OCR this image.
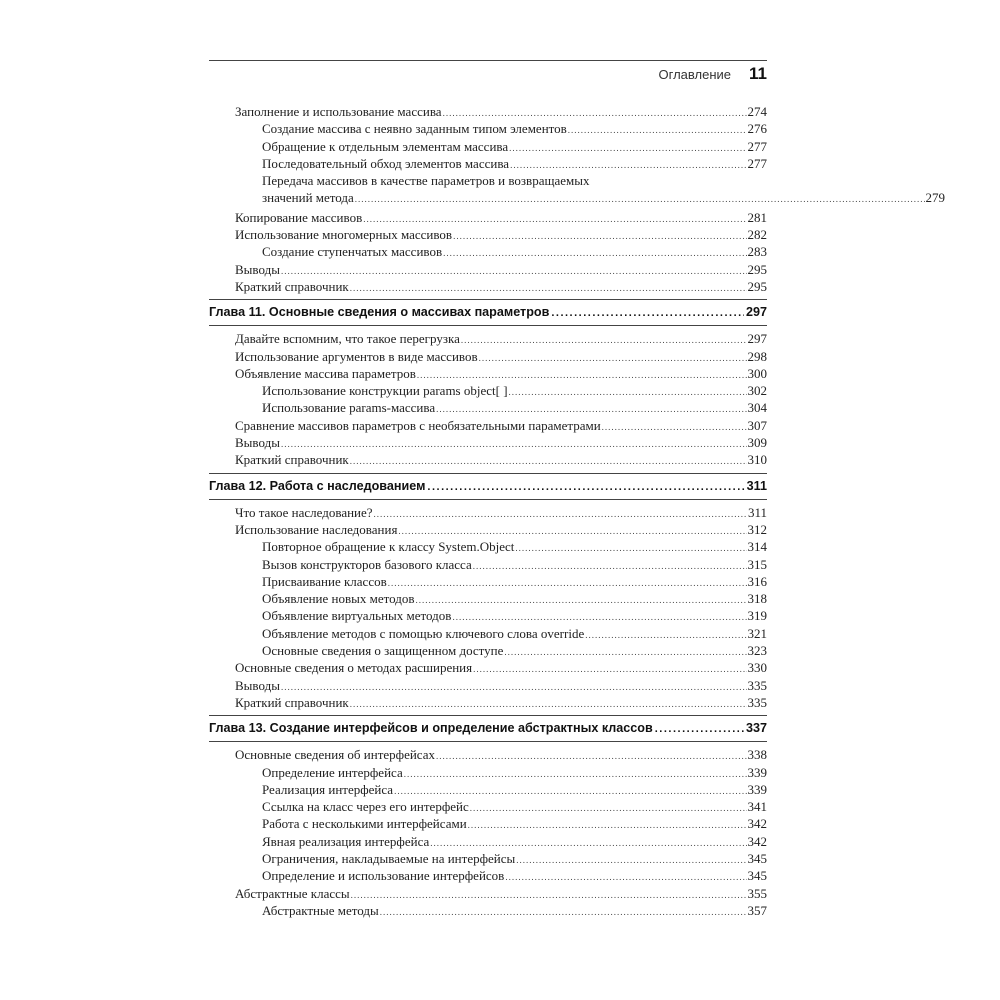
Оглавление 11
Заполнение и использование массива .....	274
Создание массива с неявно заданным типом элементов .....	276
Обращение к отдельным элементам массива .....	277
Последовательный обход элементов массива .....	277
Передача массивов в качестве параметров и возвращаемых
значений метода .....	279
Копирование массивов .....	281
Использование многомерных массивов .....	282
Создание ступенчатых массивов .....	283
Выводы .....	295
Краткий справочник .....	295
Глава 11. Основные сведения о массивах параметров .....	297
Давайте вспомним, что такое перегрузка .....	297
Использование аргументов в виде массивов .....	298
Объявление массива параметров .....	300
Использование конструкции params object[ ] .....	302
Использование params-массива .....	304
Сравнение массивов параметров с необязательными параметрами .....	307
Выводы .....	309
Краткий справочник .....	310
Глава 12. Работа с наследованием .....	311
Что такое наследование? .....	311
Использование наследования .....	312
Повторное обращение к классу System.Object .....	314
Вызов конструкторов базового класса .....	315
Присваивание классов .....	316
Объявление новых методов .....	318
Объявление виртуальных методов .....	319
Объявление методов с помощью ключевого слова override .....	321
Основные сведения о защищенном доступе .....	323
Основные сведения о методах расширения .....	330
Выводы .....	335
Краткий справочник .....	335
Глава 13. Создание интерфейсов и определение абстрактных классов .....	337
Основные сведения об интерфейсах .....	338
Определение интерфейса .....	339
Реализация интерфейса .....	339
Ссылка на класс через его интерфейс .....	341
Работа с несколькими интерфейсами .....	342
Явная реализация интерфейса .....	342
Ограничения, накладываемые на интерфейсы .....	345
Определение и использование интерфейсов .....	345
Абстрактные классы .....	355
Абстрактные методы .....	357
